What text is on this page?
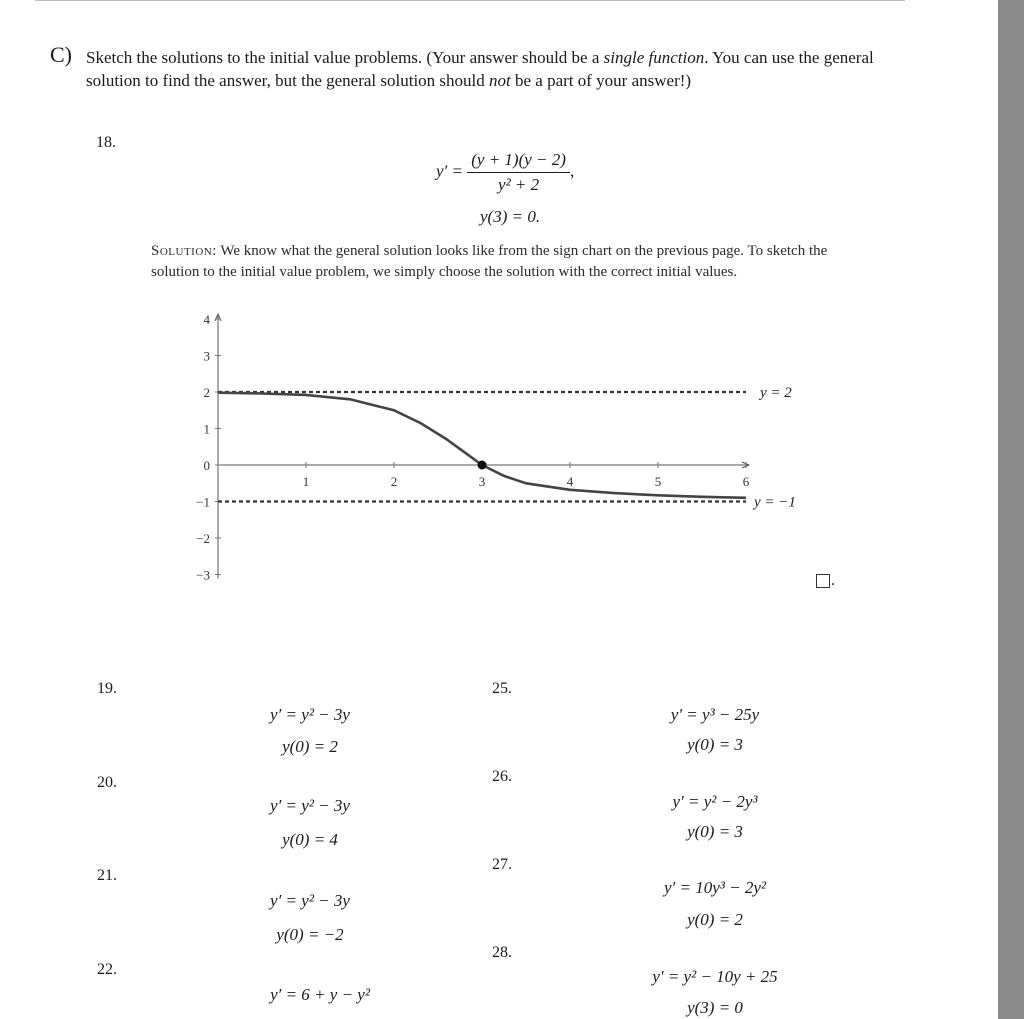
C) Sketch the solutions to the initial value problems. (Your answer should be a single function. You can use the general solution to find the answer, but the general solution should not be a part of your answer!)
18.
$y' = \frac{(y + 1)(y - 2)}{\text{y² + 2}}$ ,
y(3) = 0.
Solution: We know what the general solution looks like from the sign chart on the previous page. To sketch the solution to the initial value problem, we simply choose the solution with the correct initial values.
4
3
2
1
0
−1
−2
−3
1	2	3	4	5	6
y = 2
y = −1
.
19.
y′ = y² − 3y
y(0) = 2
20.
y′ = y² − 3y
y(0) = 4
21.
y′ = y² − 3y
y(0) = −2
22.
y′ = 6 + y − y²
25.
y′ = y³ − 25y
y(0) = 3
26.
y′ = y² − 2y³
y(0) = 3
27.
y′ = 10y³ − 2y²
y(0) = 2
28.
y′ = y² − 10y + 25
y(3) = 0
